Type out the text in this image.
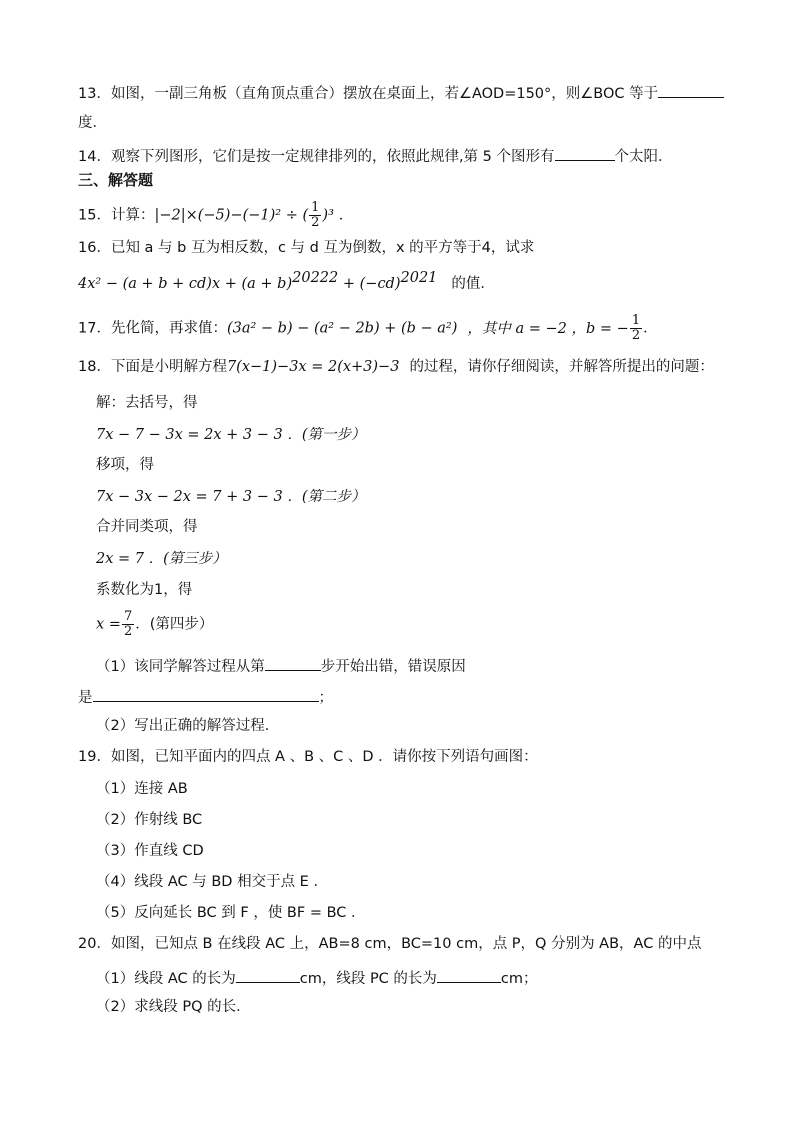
13．如图，一副三角板（直角顶点重合）摆放在桌面上，若∠AOD=150°，则∠BOC 等于
度．
14．观察下列图形，它们是按一定规律排列的，依照此规律,第 5 个图形有	个太阳．
三、解答题
15．计算：|−2|×(−5)−(−1)² ÷ ( $\frac{1}{2} )^3$ ．
16．已知 a 与 b 互为相反数，c 与 d 互为倒数，x 的平方等于4，试求
$4x^2 - (a + b + cd)x + (a + b)^{20222} + (-cd)^{2021}$ 的值．
17．先化简，再求值：(3a² − b) − (a² − 2b) + (b − a²) ，其中 a = −2 ，b = − $\frac{1}{2}$ ．
18．下面是小明解方程7(x−1)−3x = 2(x+3)−3 的过程，请你仔细阅读，并解答所提出的问题：
解：去括号，得
7x − 7 − 3x = 2x + 3 − 3 ．(第一步）
移项，得
7x − 3x − 2x = 7 + 3 − 3 ．(第二步）
合并同类项，得
2x = 7 ．(第三步）
系数化为1，得
$x = \frac{7}{2}$ ．(第四步）
（1）该同学解答过程从第	步开始出错，错误原因
是	；
（2）写出正确的解答过程．
19．如图，已知平面内的四点 A 、B 、C 、D ．请你按下列语句画图：
（1）连接 AB
（2）作射线 BC
（3）作直线 CD
（4）线段 AC 与 BD 相交于点 E ．
（5）反向延长 BC 到 F ，使 BF = BC ．
20．如图，已知点 B 在线段 AC 上，AB=8 cm，BC=10 cm，点 P，Q 分别为 AB，AC 的中点
（1）线段 AC 的长为	cm，线段 PC 的长为	cm；
（2）求线段 PQ 的长．
